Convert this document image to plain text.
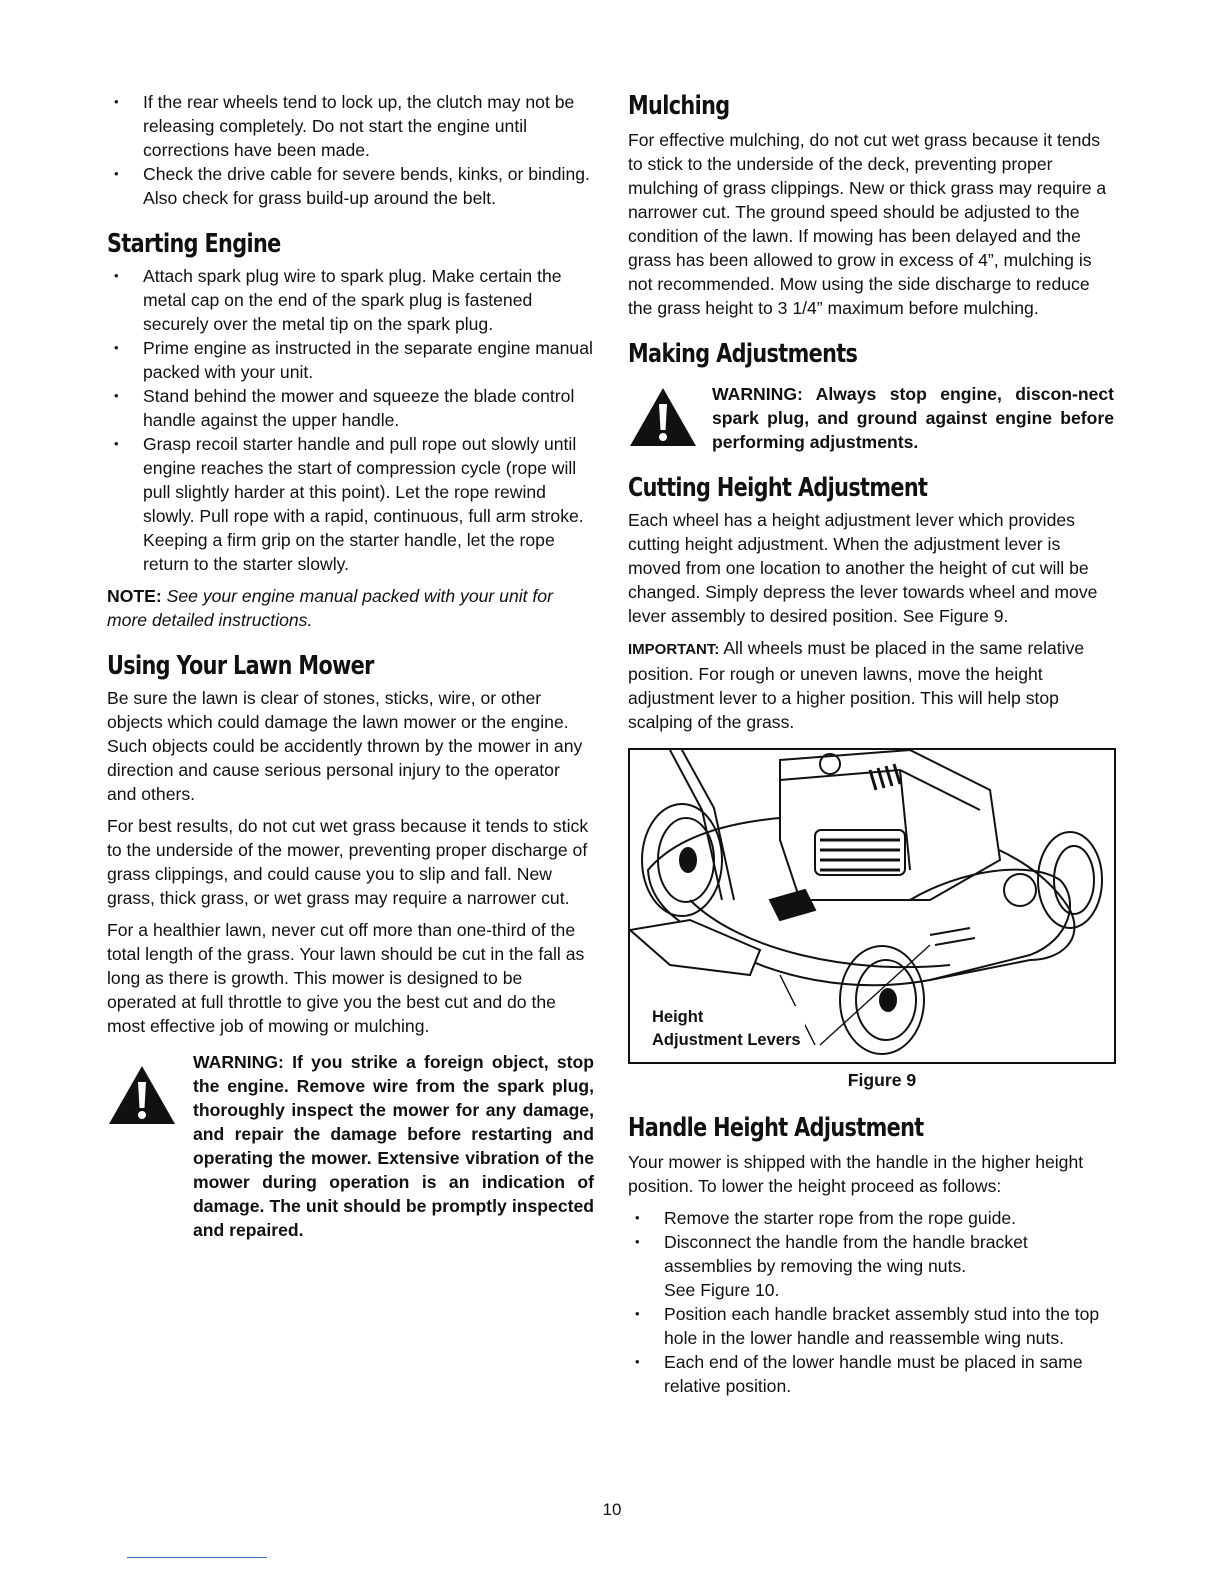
• If the rear wheels tend to lock up, the clutch may not be releasing completely. Do not start the engine until corrections have been made.
• Check the drive cable for severe bends, kinks, or binding. Also check for grass build-up around the belt.
Starting Engine
• Attach spark plug wire to spark plug. Make certain the metal cap on the end of the spark plug is fastened securely over the metal tip on the spark plug.
• Prime engine as instructed in the separate engine manual packed with your unit.
• Stand behind the mower and squeeze the blade control handle against the upper handle.
• Grasp recoil starter handle and pull rope out slowly until engine reaches the start of compression cycle (rope will pull slightly harder at this point). Let the rope rewind slowly. Pull rope with a rapid, continuous, full arm stroke. Keeping a firm grip on the starter handle, let the rope return to the starter slowly.

NOTE: See your engine manual packed with your unit for more detailed instructions.

Using Your Lawn Mower

Be sure the lawn is clear of stones, sticks, wire, or other objects which could damage the lawn mower or the engine. Such objects could be accidently thrown by the mower in any direction and cause serious personal injury to the operator and others.

For best results, do not cut wet grass because it tends to stick to the underside of the mower, preventing proper discharge of grass clippings, and could cause you to slip and fall. New grass, thick grass, or wet grass may require a narrower cut.

For a healthier lawn, never cut off more than one-third of the total length of the grass. Your lawn should be cut in the fall as long as there is growth. This mower is designed to be operated at full throttle to give you the best cut and do the most effective job of mowing or mulching.

WARNING: If you strike a foreign object, stop the engine. Remove wire from the spark plug, thoroughly inspect the mower for any damage, and repair the damage before restarting and operating the mower. Extensive vibration of the mower during operation is an indication of damage. The unit should be promptly inspected and repaired.
Mulching

For effective mulching, do not cut wet grass because it tends to stick to the underside of the deck, preventing proper mulching of grass clippings. New or thick grass may require a narrower cut. The ground speed should be adjusted to the condition of the lawn. If mowing has been delayed and the grass has been allowed to grow in excess of 4”, mulching is not recommended. Mow using the side discharge to reduce the grass height to 3 1/4” maximum before mulching.

Making Adjustments
WARNING: Always stop engine, discon-nect spark plug, and ground against engine before performing adjustments.
Cutting Height Adjustment

Each wheel has a height adjustment lever which provides cutting height adjustment. When the adjustment lever is moved from one location to another the height of cut will be changed. Simply depress the lever towards wheel and move lever assembly to desired position. See Figure 9.

IMPORTANT: All wheels must be placed in the same relative position. For rough or uneven lawns, move the height adjustment lever to a higher position. This will help stop scalping of the grass.

Height
Adjustment Levers
Figure 9
Handle Height Adjustment

Your mower is shipped with the handle in the higher height position. To lower the height proceed as follows:

• Remove the starter rope from the rope guide.
• Disconnect the handle from the handle bracket assemblies by removing the wing nuts.
See Figure 10.
• Position each handle bracket assembly stud into the top hole in the lower handle and reassemble wing nuts.
• Each end of the lower handle must be placed in same relative position.
10
